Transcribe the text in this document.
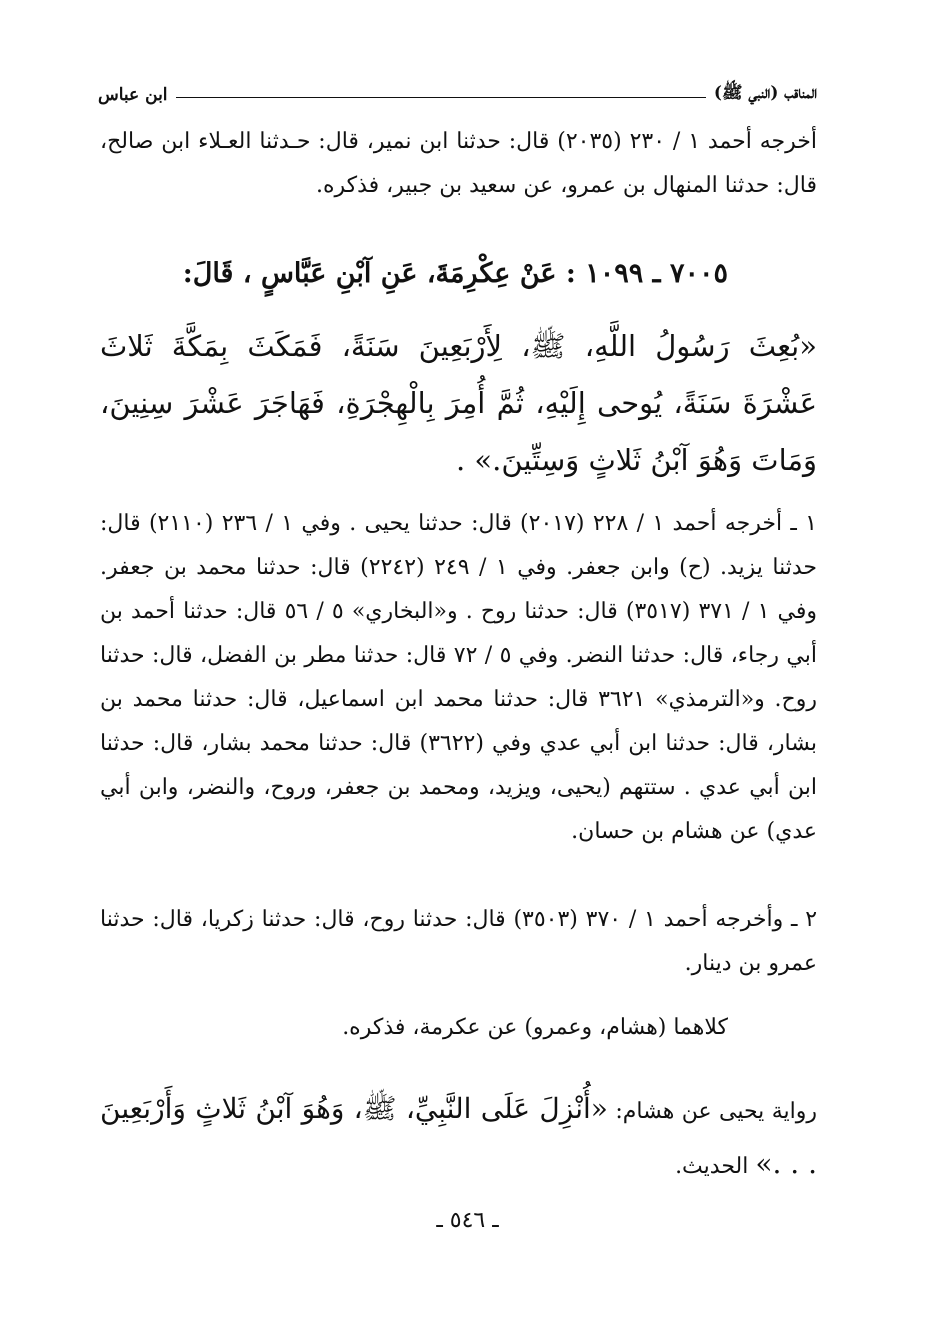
المناقب (النبي ﷺ)
ابن عباس

أخرجه أحمد ١ / ٢٣٠ (٢٠٣٥) قال: حدثنا ابن نمير، قال: حـدثنا العـلاء ابن صالح، قال: حدثنا المنهال بن عمرو، عن سعيد بن جبير، فذكره.

٧٠٠٥ ـ ١٠٩٩ : عَنْ عِكْرِمَةَ، عَنِ آبْنِ عَبَّاسٍ ، قَالَ:
«بُعِثَ رَسُولُ اللَّهِ، ﷺ، لِأَرْبَعِينَ سَنَةً، فَمَكَثَ بِمَكَّةَ ثَلاثَ عَشْرَةَ سَنَةً، يُوحى إِلَيْهِ، ثُمَّ أُمِرَ بِالْهِجْرَةِ، فَهَاجَرَ عَشْرَ سِنِينَ، وَمَاتَ وَهُوَ آبْنُ ثَلاثٍ وَسِتِّينَ.» .

١ ـ أخرجه أحمد ١ / ٢٢٨ (٢٠١٧) قال: حدثنا يحيى . وفي ١ / ٢٣٦ (٢١١٠) قال: حدثنا يزيد. (ح) وابن جعفر. وفي ١ / ٢٤٩ (٢٢٤٢) قال: حدثنا محمد بن جعفر. وفي ١ / ٣٧١ (٣٥١٧) قال: حدثنا روح . و«البخاري» ٥ / ٥٦ قال: حدثنا أحمد بن أبي رجاء، قال: حدثنا النضر. وفي ٥ / ٧٢ قال: حدثنا مطر بن الفضل، قال: حدثنا روح. و«الترمذي» ٣٦٢١ قال: حدثنا محمد ابن اسماعيل، قال: حدثنا محمد بن بشار، قال: حدثنا ابن أبي عدي وفي (٣٦٢٢) قال: حدثنا محمد بشار، قال: حدثنا ابن أبي عدي . ستتهم (يحيى، ويزيد، ومحمد بن جعفر، وروح، والنضر، وابن أبي عدي) عن هشام بن حسان.

٢ ـ وأخرجه أحمد ١ / ٣٧٠ (٣٥٠٣) قال: حدثنا روح، قال: حدثنا زكريا، قال: حدثنا عمرو بن دينار.

كلاهما (هشام، وعمرو) عن عكرمة، فذكره.

رواية يحيى عن هشام: «أُنْزِلَ عَلَى النَّبِيِّ، ﷺ، وَهُوَ آبْنُ ثَلاثٍ وَأَرْبَعِينَ . . .» الحديث.

ـ ٥٤٦ ـ
